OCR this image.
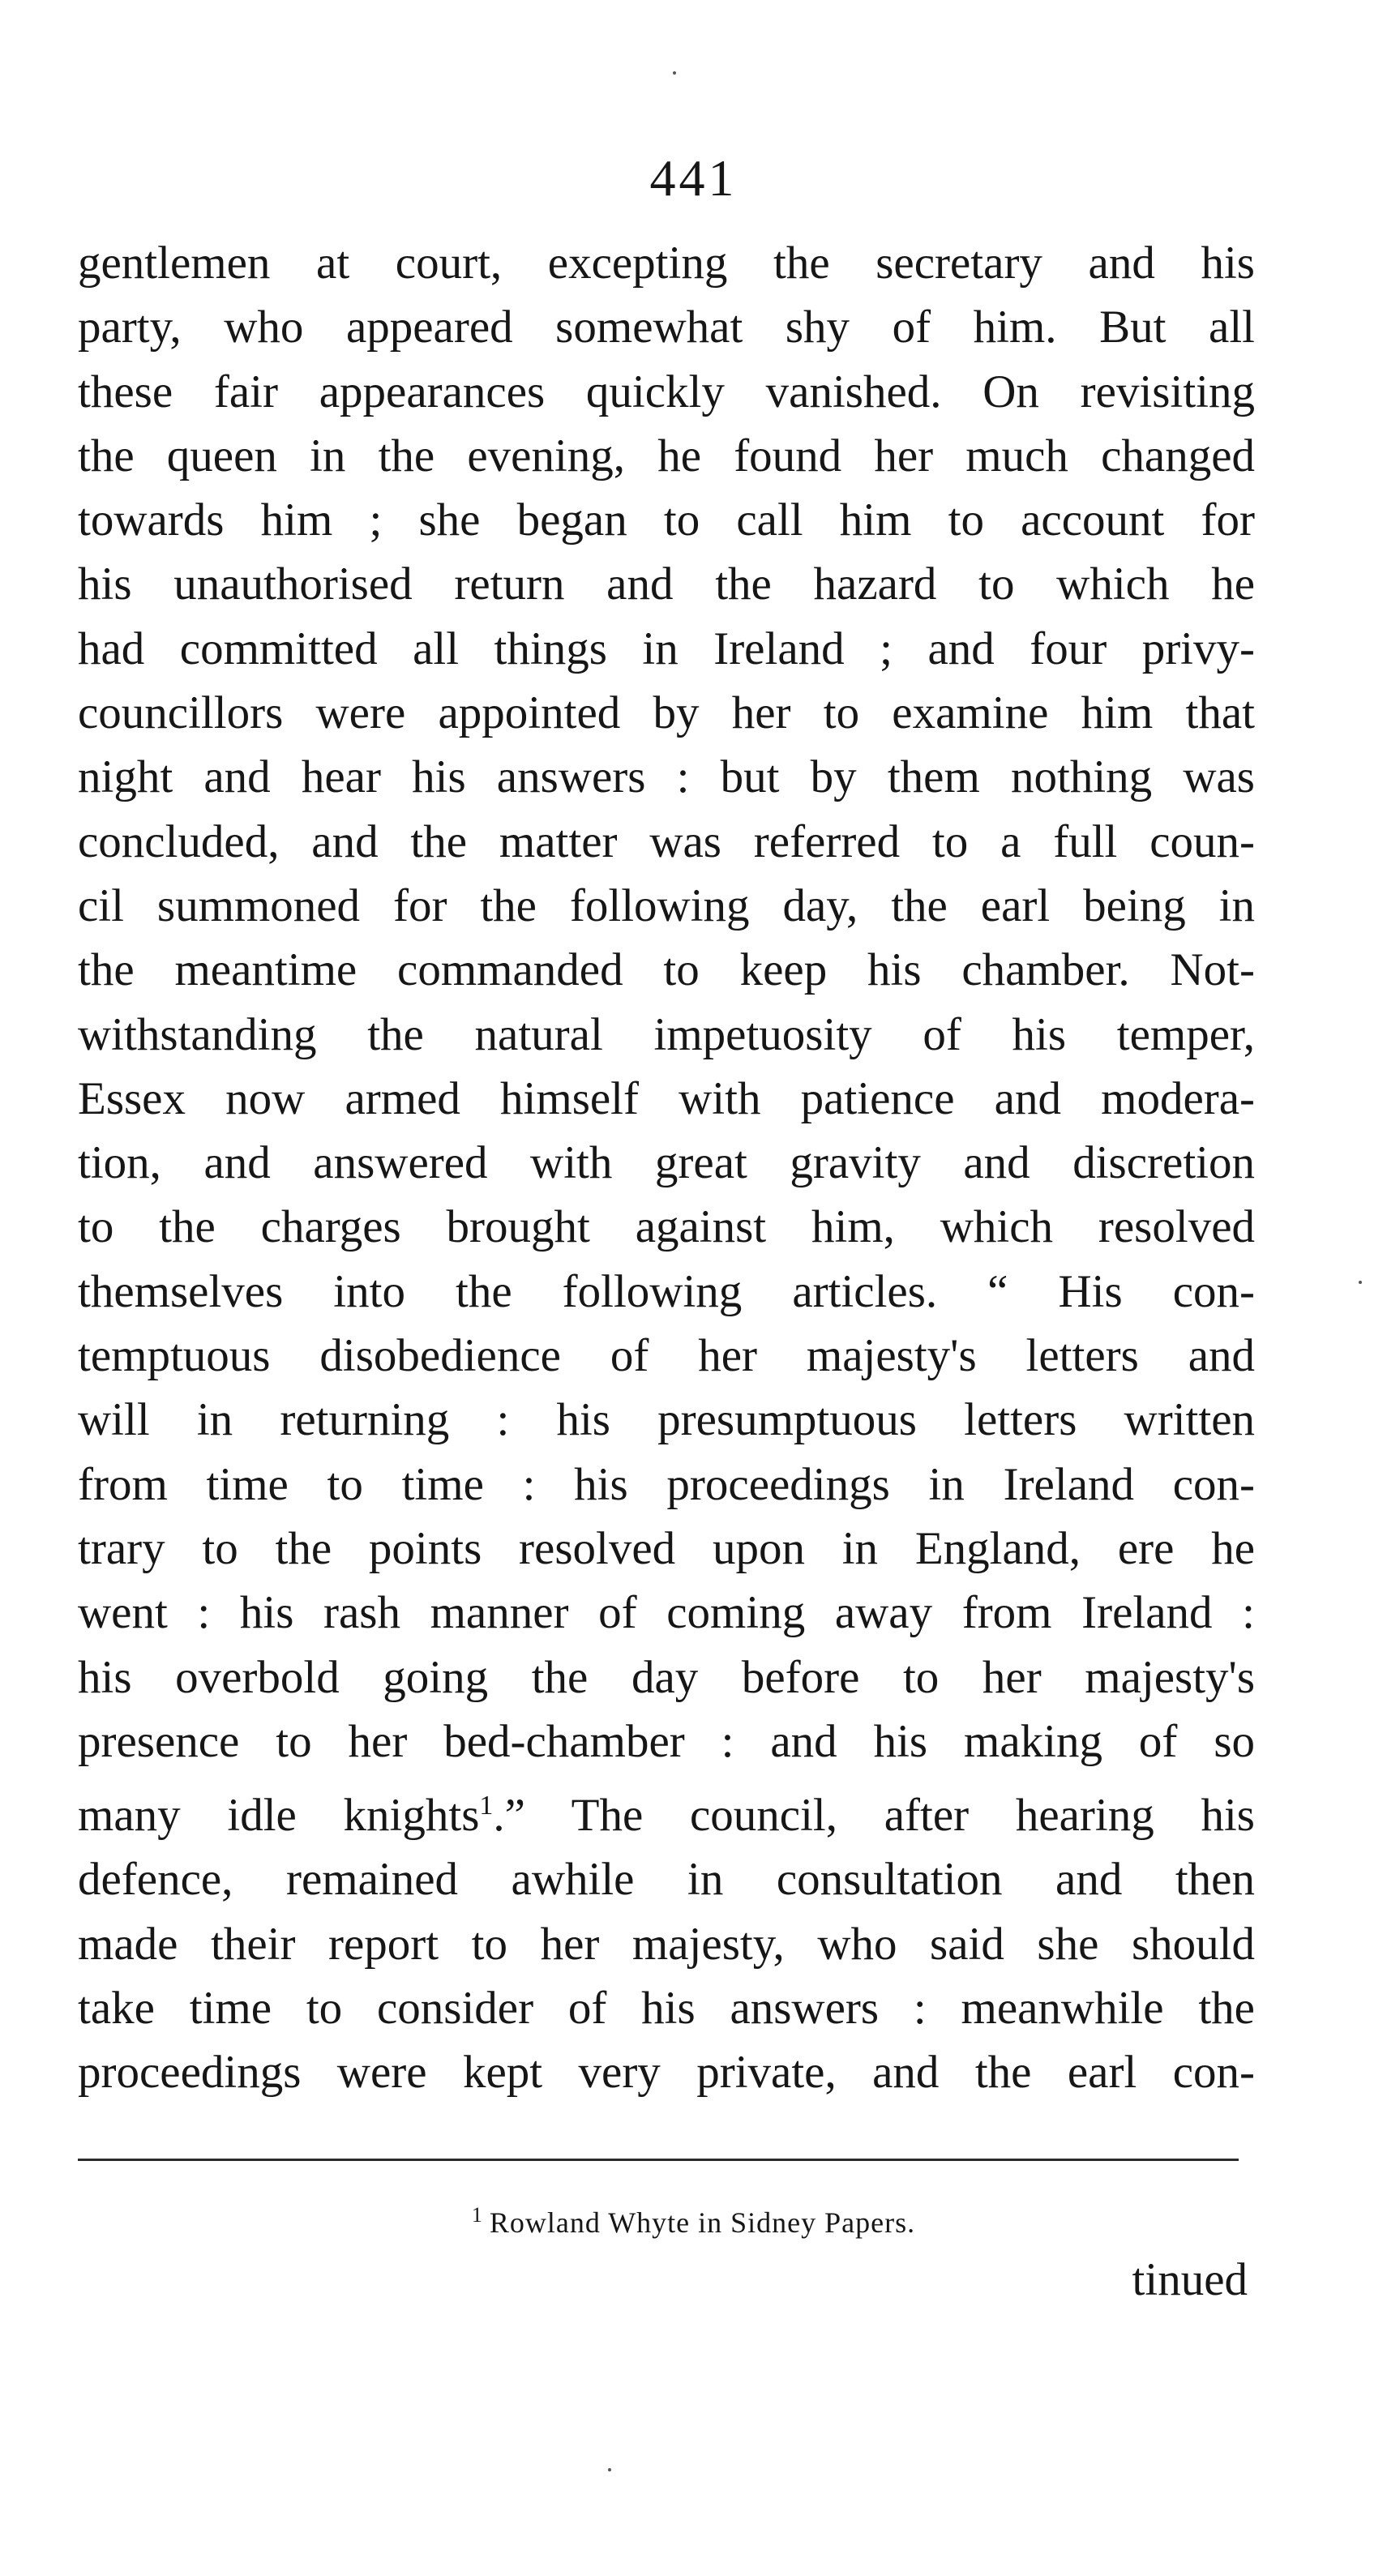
441
gentlemen at court, excepting the secretary and his
party, who appeared somewhat shy of him. But all
these fair appearances quickly vanished. On revisiting
the queen in the evening, he found her much changed
towards him ; she began to call him to account for
his unauthorised return and the hazard to which he
had committed all things in Ireland ; and four privy-
councillors were appointed by her to examine him that
night and hear his answers : but by them nothing was
concluded, and the matter was referred to a full coun-
cil summoned for the following day, the earl being in
the meantime commanded to keep his chamber. Not-
withstanding the natural impetuosity of his temper,
Essex now armed himself with patience and modera-
tion, and answered with great gravity and discretion
to the charges brought against him, which resolved
themselves into the following articles. “ His con-
temptuous disobedience of her majesty's letters and
will in returning : his presumptuous letters written
from time to time : his proceedings in Ireland con-
trary to the points resolved upon in England, ere he
went : his rash manner of coming away from Ireland :
his overbold going the day before to her majesty's
presence to her bed-chamber : and his making of so
many idle knights$^1$.” The council, after hearing his
defence, remained awhile in consultation and then
made their report to her majesty, who said she should
take time to consider of his answers : meanwhile the
proceedings were kept very private, and the earl con-
$^1$ Rowland Whyte in Sidney Papers.
tinued
